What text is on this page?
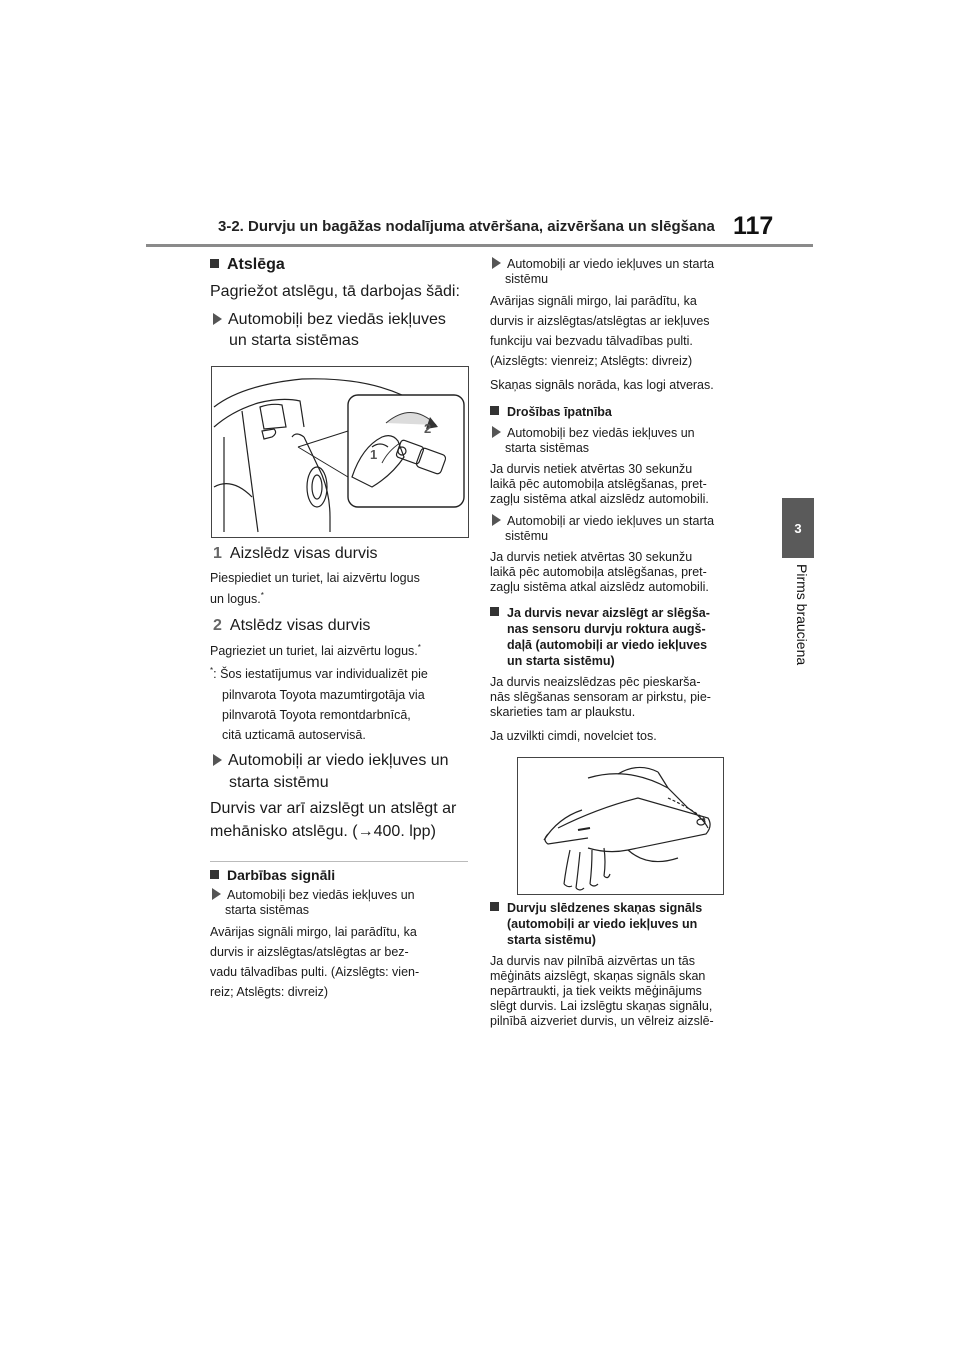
3-2. Durvju un bagāžas nodalījuma atvēršana, aizvēršana un slēgšana 117
3
Pirms brauciena
Atslēga
Pagriežot atslēgu, tā darbojas šādi:
Automobiļi bez viedās iekļuves
un starta sistēmas
2
1
1 Aizslēdz visas durvis
Piespiediet un turiet, lai aizvērtu logus
un logus.*
2 Atslēdz visas durvis
Pagrieziet un turiet, lai aizvērtu logus.*
*: Šos iestatījumus var individualizēt pie
pilnvarota Toyota mazumtirgotāja via
pilnvarotā Toyota remontdarbnīcā,
citā uzticamā autoservisā.
Automobiļi ar viedo iekļuves un
starta sistēmu
Durvis var arī aizslēgt un atslēgt ar
mehānisko atslēgu. (→400. lpp)
Darbības signāli
Automobiļi bez viedās iekļuves un
starta sistēmas
Avārijas signāli mirgo, lai parādītu, ka
durvis ir aizslēgtas/atslēgtas ar bez-
vadu tālvadības pulti. (Aizslēgts: vien-
reiz; Atslēgts: divreiz)
Automobiļi ar viedo iekļuves un starta
sistēmu
Avārijas signāli mirgo, lai parādītu, ka
durvis ir aizslēgtas/atslēgtas ar iekļuves
funkciju vai bezvadu tālvadības pulti.
(Aizslēgts: vienreiz; Atslēgts: divreiz)
Skaņas signāls norāda, kas logi atveras.
Drošības īpatnība
Automobiļi bez viedās iekļuves un
starta sistēmas
Ja durvis netiek atvērtas 30 sekunžu
laikā pēc automobiļa atslēgšanas, pret-
zagļu sistēma atkal aizslēdz automobili.
Automobiļi ar viedo iekļuves un starta
sistēmu
Ja durvis netiek atvērtas 30 sekunžu
laikā pēc automobiļa atslēgšanas, pret-
zagļu sistēma atkal aizslēdz automobili.
Ja durvis nevar aizslēgt ar slēgša-
nas sensoru durvju roktura augš-
daļā (automobiļi ar viedo iekļuves
un starta sistēmu)
Ja durvis neaizslēdzas pēc pieskarša-
nās slēgšanas sensoram ar pirkstu, pie-
skarieties tam ar plaukstu.
Ja uzvilkti cimdi, novelciet tos.
Durvju slēdzenes skaņas signāls
(automobiļi ar viedo iekļuves un
starta sistēmu)
Ja durvis nav pilnībā aizvērtas un tās
mēģināts aizslēgt, skaņas signāls skan
nepārtraukti, ja tiek veikts mēģinājums
slēgt durvis. Lai izslēgtu skaņas signālu,
pilnībā aizveriet durvis, un vēlreiz aizslē-
